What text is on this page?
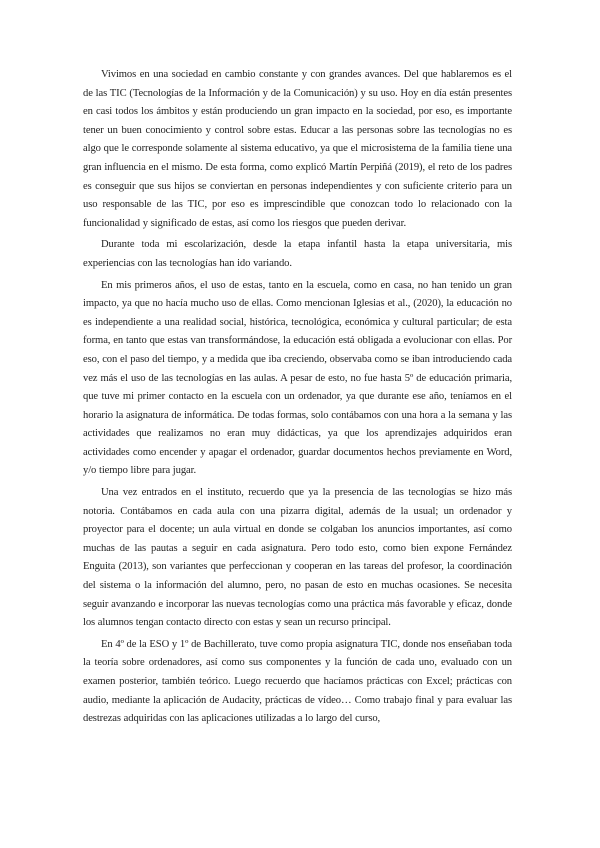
Vivimos en una sociedad en cambio constante y con grandes avances. Del que hablaremos es el de las TIC (Tecnologías de la Información y de la Comunicación) y su uso. Hoy en día están presentes en casi todos los ámbitos y están produciendo un gran impacto en la sociedad, por eso, es importante tener un buen conocimiento y control sobre estas. Educar a las personas sobre las tecnologías no es algo que le corresponde solamente al sistema educativo, ya que el microsistema de la familia tiene una gran influencia en el mismo. De esta forma, como explicó Martín Perpiñá (2019), el reto de los padres es conseguir que sus hijos se conviertan en personas independientes y con suficiente criterio para un uso responsable de las TIC, por eso es imprescindible que conozcan todo lo relacionado con la funcionalidad y significado de estas, así como los riesgos que pueden derivar.

Durante toda mi escolarización, desde la etapa infantil hasta la etapa universitaria, mis experiencias con las tecnologías han ido variando.

En mis primeros años, el uso de estas, tanto en la escuela, como en casa, no han tenido un gran impacto, ya que no hacía mucho uso de ellas. Como mencionan Iglesias et al., (2020), la educación no es independiente a una realidad social, histórica, tecnológica, económica y cultural particular; de esta forma, en tanto que estas van transformándose, la educación está obligada a evolucionar con ellas. Por eso, con el paso del tiempo, y a medida que iba creciendo, observaba como se iban introduciendo cada vez más el uso de las tecnologías en las aulas. A pesar de esto, no fue hasta 5º de educación primaria, que tuve mi primer contacto en la escuela con un ordenador, ya que durante ese año, teníamos en el horario la asignatura de informática. De todas formas, solo contábamos con una hora a la semana y las actividades que realizamos no eran muy didácticas, ya que los aprendizajes adquiridos eran actividades como encender y apagar el ordenador, guardar documentos hechos previamente en Word, y/o tiempo libre para jugar.

Una vez entrados en el instituto, recuerdo que ya la presencia de las tecnologías se hizo más notoria. Contábamos en cada aula con una pizarra digital, además de la usual; un ordenador y proyector para el docente; un aula virtual en donde se colgaban los anuncios importantes, así como muchas de las pautas a seguir en cada asignatura. Pero todo esto, como bien expone Fernández Enguita (2013), son variantes que perfeccionan y cooperan en las tareas del profesor, la coordinación del sistema o la información del alumno, pero, no pasan de esto en muchas ocasiones. Se necesita seguir avanzando e incorporar las nuevas tecnologías como una práctica más favorable y eficaz, donde los alumnos tengan contacto directo con estas y sean un recurso principal.

En 4º de la ESO y 1º de Bachillerato, tuve como propia asignatura TIC, donde nos enseñaban toda la teoría sobre ordenadores, así como sus componentes y la función de cada uno, evaluado con un examen posterior, también teórico. Luego recuerdo que hacíamos prácticas con Excel; prácticas con audio, mediante la aplicación de Audacity, prácticas de vídeo… Como trabajo final y para evaluar las destrezas adquiridas con las aplicaciones utilizadas a lo largo del curso,
